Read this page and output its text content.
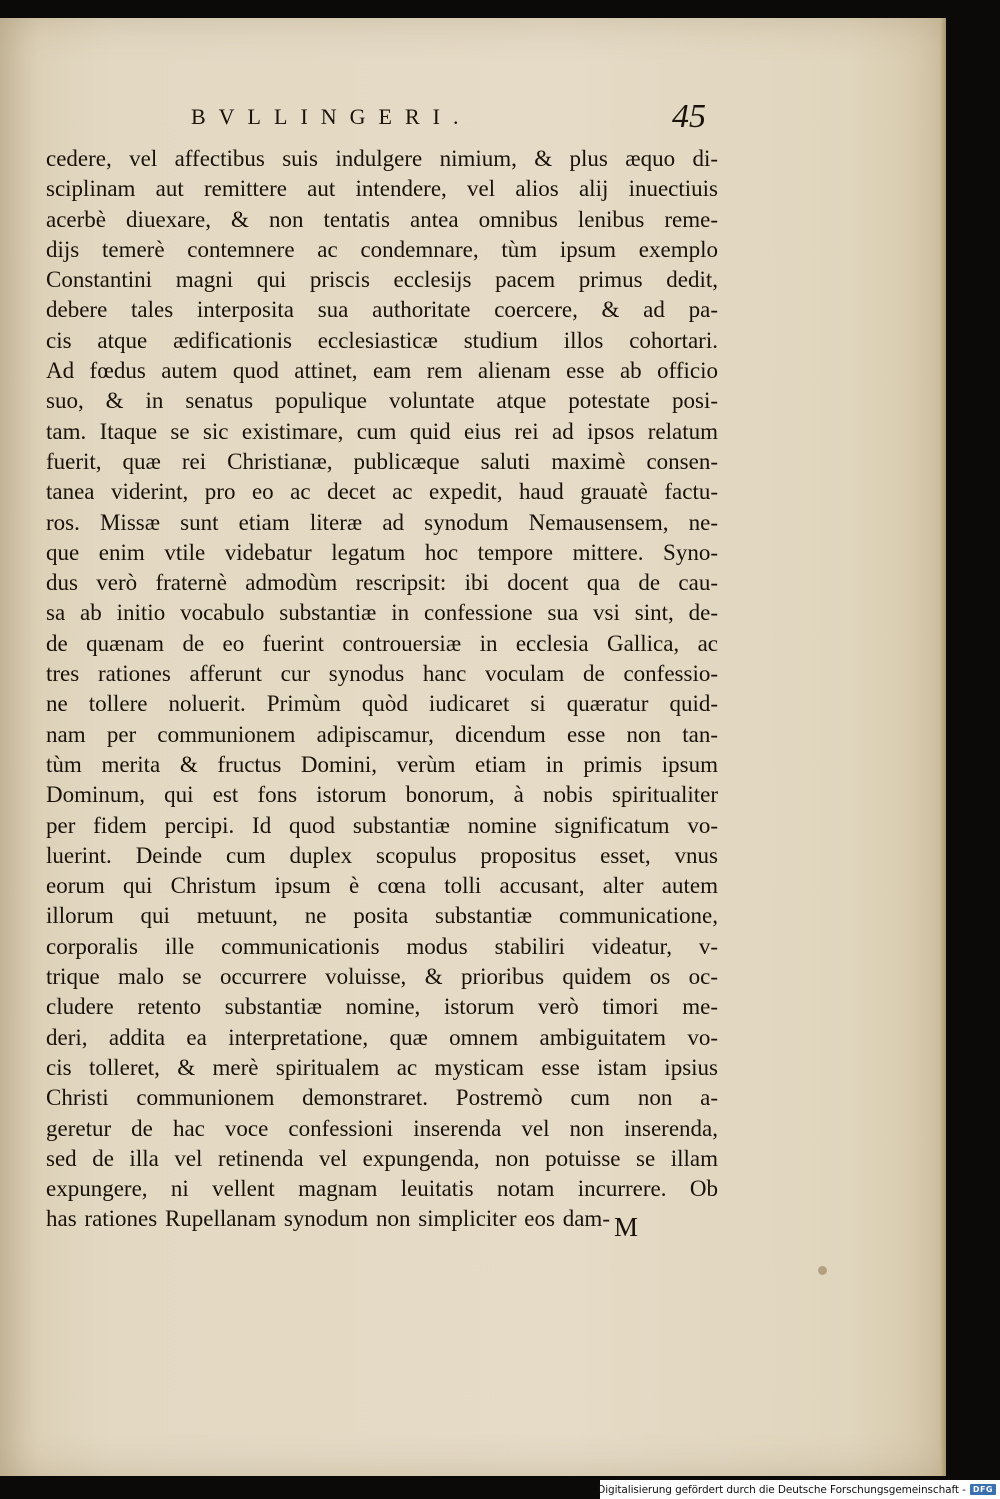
BVLLINGERI.	45
cedere, vel affectibus suis indulgere nimium, & plus æquo di-
sciplinam aut remittere aut intendere, vel alios alij inuectiuis
acerbè diuexare, & non tentatis antea omnibus lenibus reme-
dijs temerè contemnere ac condemnare, tùm ipsum exemplo
Constantini magni qui priscis ecclesijs pacem primus dedit,
debere tales interposita sua authoritate coercere, & ad pa-
cis atque ædificationis ecclesiasticæ studium illos cohortari.
Ad fœdus autem quod attinet, eam rem alienam esse ab officio
suo, & in senatus populique voluntate atque potestate posi-
tam. Itaque se sic existimare, cum quid eius rei ad ipsos relatum
fuerit, quæ rei Christianæ, publicæque saluti maximè consen-
tanea viderint, pro eo ac decet ac expedit, haud grauatè factu-
ros. Missæ sunt etiam literæ ad synodum Nemausensem, ne-
que enim vtile videbatur legatum hoc tempore mittere. Syno-
dus verò fraternè admodùm rescripsit: ibi docent qua de cau-
sa ab initio vocabulo substantiæ in confessione sua vsi sint, de-
de quænam de eo fuerint controuersiæ in ecclesia Gallica, ac
tres rationes afferunt cur synodus hanc voculam de confessio-
ne tollere noluerit. Primùm quòd iudicaret si quæratur quid-
nam per communionem adipiscamur, dicendum esse non tan-
tùm merita & fructus Domini, verùm etiam in primis ipsum
Dominum, qui est fons istorum bonorum, à nobis spiritualiter
per fidem percipi. Id quod substantiæ nomine significatum vo-
luerint. Deinde cum duplex scopulus propositus esset, vnus
eorum qui Christum ipsum è cœna tolli accusant, alter autem
illorum qui metuunt, ne posita substantiæ communicatione,
corporalis ille communicationis modus stabiliri videatur, v-
trique malo se occurrere voluisse, & prioribus quidem os oc-
cludere retento substantiæ nomine, istorum verò timori me-
deri, addita ea interpretatione, quæ omnem ambiguitatem vo-
cis tolleret, & merè spiritualem ac mysticam esse istam ipsius
Christi communionem demonstraret. Postremò cum non a-
geretur de hac voce confessioni inserenda vel non inserenda,
sed de illa vel retinenda vel expungenda, non potuisse se illam
expungere, ni vellent magnam leuitatis notam incurrere. Ob
has rationes Rupellanam synodum non simpliciter eos dam- M
Digitalisierung gefördert durch die Deutsche Forschungsgemeinschaft - DFG
